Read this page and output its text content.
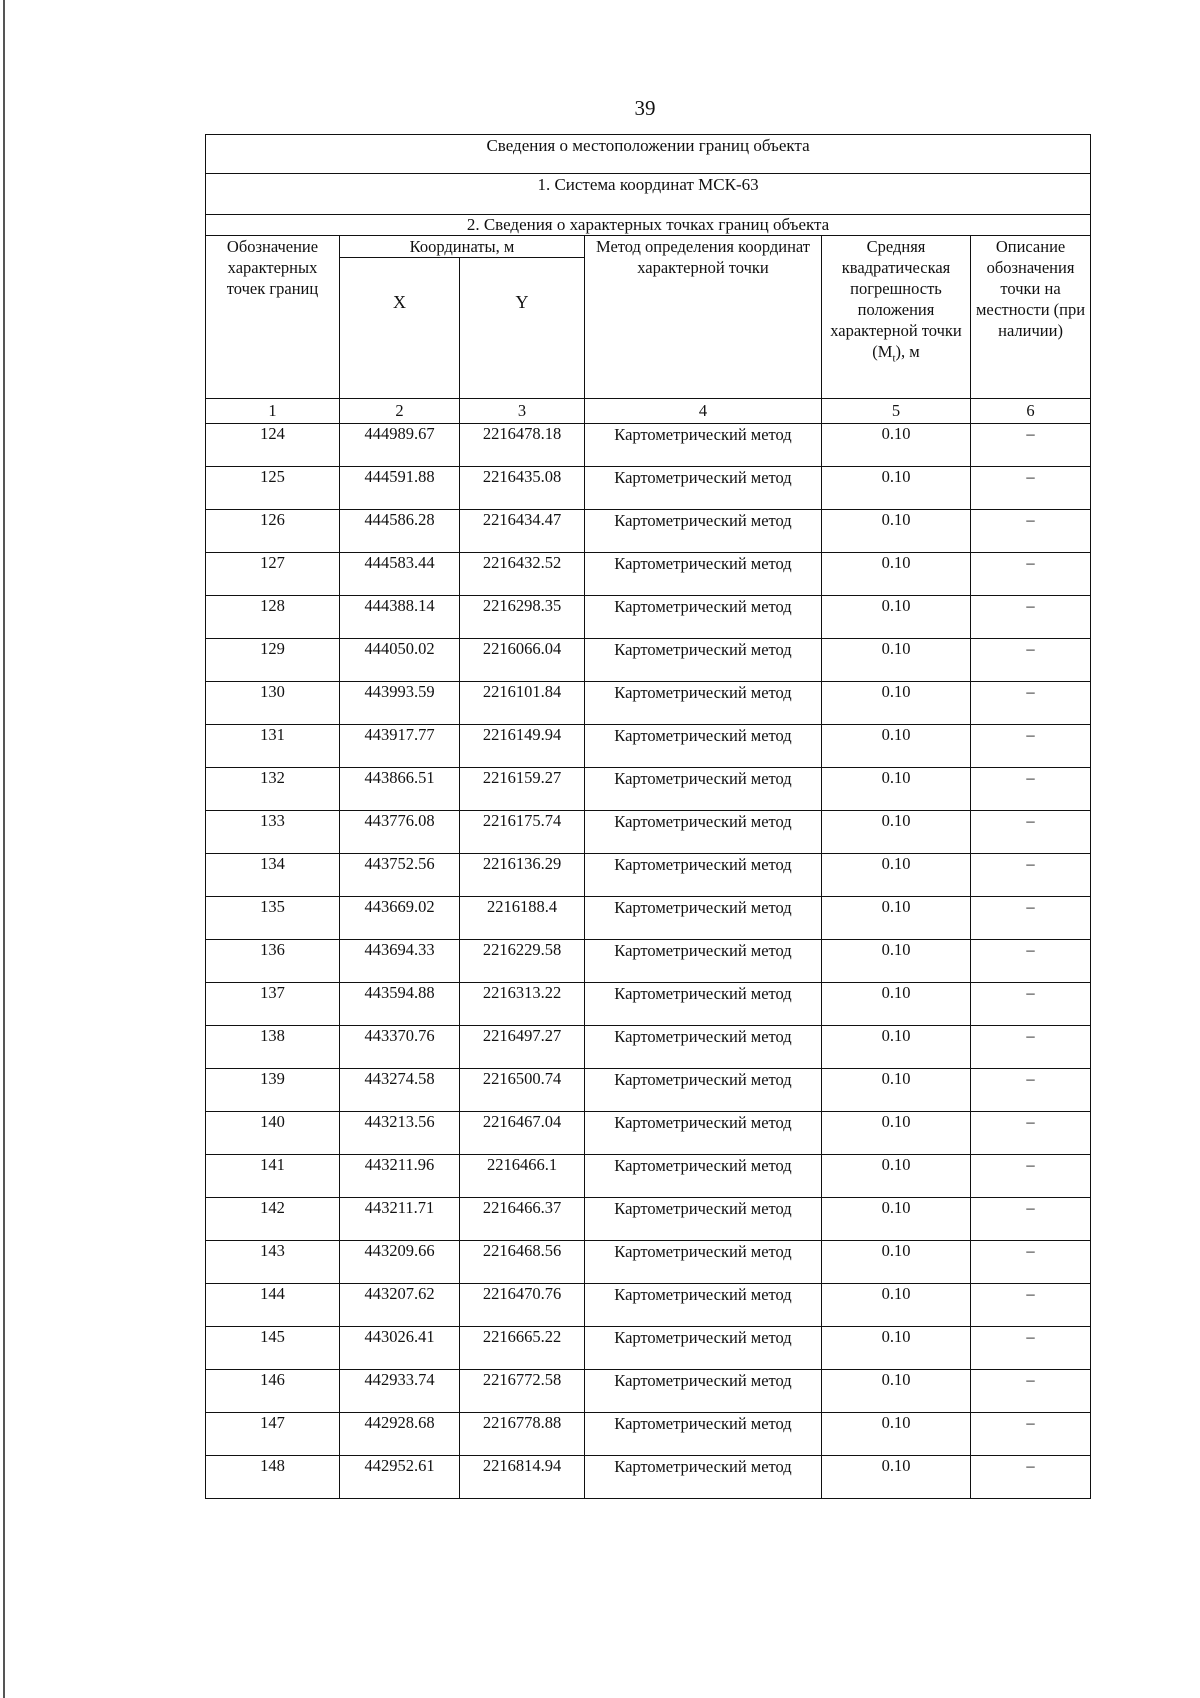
39
Сведения о местоположении границ объекта					
1. Система координат МСК-63					
2. Сведения о характерных точках границ объекта					
Обозначение характерных точек границ	Координаты, м		Метод определения координат характерной точки	Средняя квадратическая погрешность положения характерной точки $(M_t)$, м	Описание обозначения точки на местности (при наличии)
	X	Y			
1	2	3	4	5	6
124	444989.67	2216478.18	Картометрический метод	0.10	–
125	444591.88	2216435.08	Картометрический метод	0.10	–
126	444586.28	2216434.47	Картометрический метод	0.10	–
127	444583.44	2216432.52	Картометрический метод	0.10	–
128	444388.14	2216298.35	Картометрический метод	0.10	–
129	444050.02	2216066.04	Картометрический метод	0.10	–
130	443993.59	2216101.84	Картометрический метод	0.10	–
131	443917.77	2216149.94	Картометрический метод	0.10	–
132	443866.51	2216159.27	Картометрический метод	0.10	–
133	443776.08	2216175.74	Картометрический метод	0.10	–
134	443752.56	2216136.29	Картометрический метод	0.10	–
135	443669.02	2216188.4	Картометрический метод	0.10	–
136	443694.33	2216229.58	Картометрический метод	0.10	–
137	443594.88	2216313.22	Картометрический метод	0.10	–
138	443370.76	2216497.27	Картометрический метод	0.10	–
139	443274.58	2216500.74	Картометрический метод	0.10	–
140	443213.56	2216467.04	Картометрический метод	0.10	–
141	443211.96	2216466.1	Картометрический метод	0.10	–
142	443211.71	2216466.37	Картометрический метод	0.10	–
143	443209.66	2216468.56	Картометрический метод	0.10	–
144	443207.62	2216470.76	Картометрический метод	0.10	–
145	443026.41	2216665.22	Картометрический метод	0.10	–
146	442933.74	2216772.58	Картометрический метод	0.10	–
147	442928.68	2216778.88	Картометрический метод	0.10	–
148	442952.61	2216814.94	Картометрический метод	0.10	–
